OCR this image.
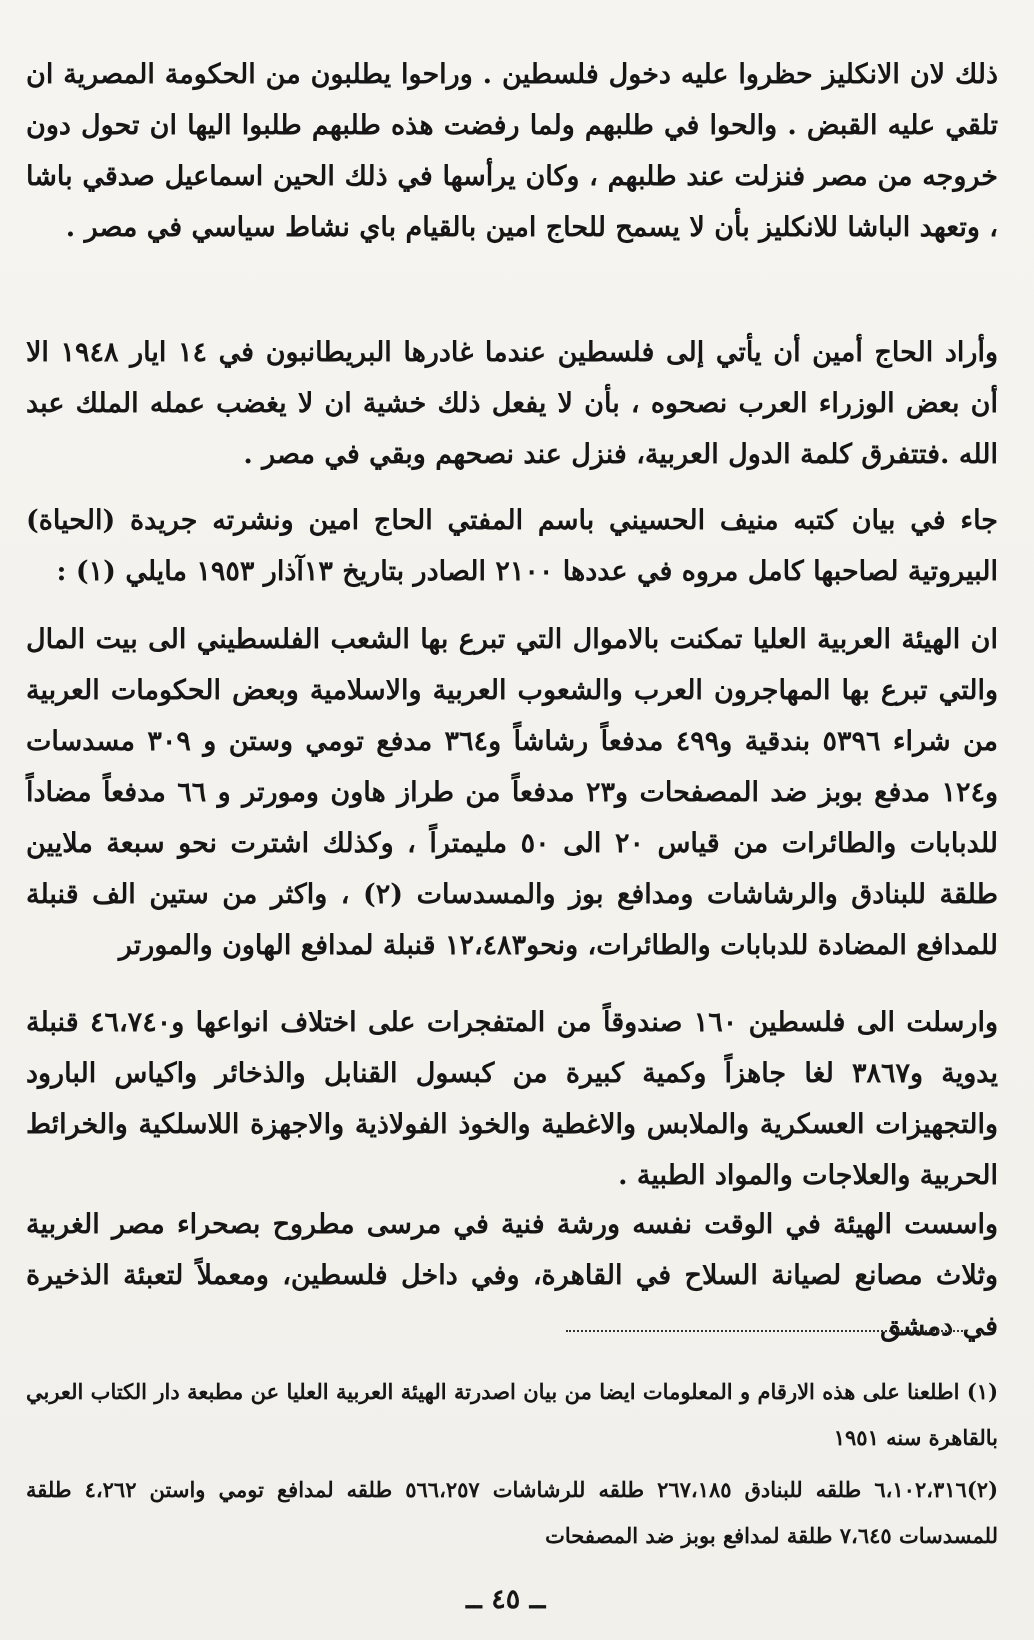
ذلك لان الانكليز حظروا عليه دخول فلسطين . وراحوا يطلبون من الحكومة المصرية ان تلقي عليه القبض . والحوا في طلبهم ولما رفضت هذه طلبهم طلبوا اليها ان تحول دون خروجه من مصر فنزلت عند طلبهم ، وكان يرأسها في ذلك الحين اسماعيل صدقي باشا ، وتعهد الباشا للانكليز بأن لا يسمح للحاج امين بالقيام باي نشاط سياسي في مصر .

وأراد الحاج أمين أن يأتي إلى فلسطين عندما غادرها البريطانبون في ١٤ ايار ١٩٤٨ الا أن بعض الوزراء العرب نصحوه ، بأن لا يفعل ذلك خشية ان لا يغضب عمله الملك عبد الله .فتتفرق كلمة الدول العربية، فنزل عند نصحهم وبقي في مصر .

جاء في بيان كتبه منيف الحسيني باسم المفتي الحاج امين ونشرته جريدة (الحياة) البيروتية لصاحبها كامل مروه في عددها ٢١٠٠ الصادر بتاريخ ١٣آذار ١٩٥٣ مايلي (١) :

ان الهيئة العربية العليا تمكنت بالاموال التي تبرع بها الشعب الفلسطيني الى بيت المال والتي تبرع بها المهاجرون العرب والشعوب العربية والاسلامية وبعض الحكومات العربية من شراء ٥٣٩٦ بندقية و٤٩٩ مدفعاً رشاشاً و٣٦٤ مدفع تومي وستن و ٣٠٩ مسدسات و١٢٤ مدفع بوبز ضد المصفحات و٢٣ مدفعاً من طراز هاون ومورتر و ٦٦ مدفعاً مضاداً للدبابات والطائرات من قياس ٢٠ الى ٥٠ مليمتراً ، وكذلك اشترت نحو سبعة ملايين طلقة للبنادق والرشاشات ومدافع بوز والمسدسات (٢) ، واكثر من ستين الف قنبلة للمدافع المضادة للدبابات والطائرات، ونحو١٢،٤٨٣ قنبلة لمدافع الهاون والمورتر

وارسلت الى فلسطين ١٦٠ صندوقاً من المتفجرات على اختلاف انواعها و٤٦،٧٤٠ قنبلة يدوية و٣٨٦٧ لغا جاهزاً وكمية كبيرة من كبسول القنابل والذخائر واكياس البارود والتجهيزات العسكرية والملابس والاغطية والخوذ الفولاذية والاجهزة اللاسلكية والخرائط الحربية والعلاجات والمواد الطبية .

واسست الهيئة في الوقت نفسه ورشة فنية في مرسى مطروح بصحراء مصر الغربية وثلاث مصانع لصيانة السلاح في القاهرة، وفي داخل فلسطين، ومعملاً لتعبئة الذخيرة في دمشق

(١) اطلعنا على هذه الارقام و المعلومات ايضا من بيان اصدرتة الهيئة العربية العليا عن مطبعة دار الكتاب العربي بالقاهرة سنه ١٩٥١

(٢)٦،١٠٢،٣١٦ طلقه للبنادق ٢٦٧،١٨٥ طلقه للرشاشات ٥٦٦،٢٥٧ طلقه لمدافع تومي واستن ٤،٢٦٢ طلقة للمسدسات ٧،٦٤٥ طلقة لمدافع بوبز ضد المصفحات

ــ ٤٥ ــ
